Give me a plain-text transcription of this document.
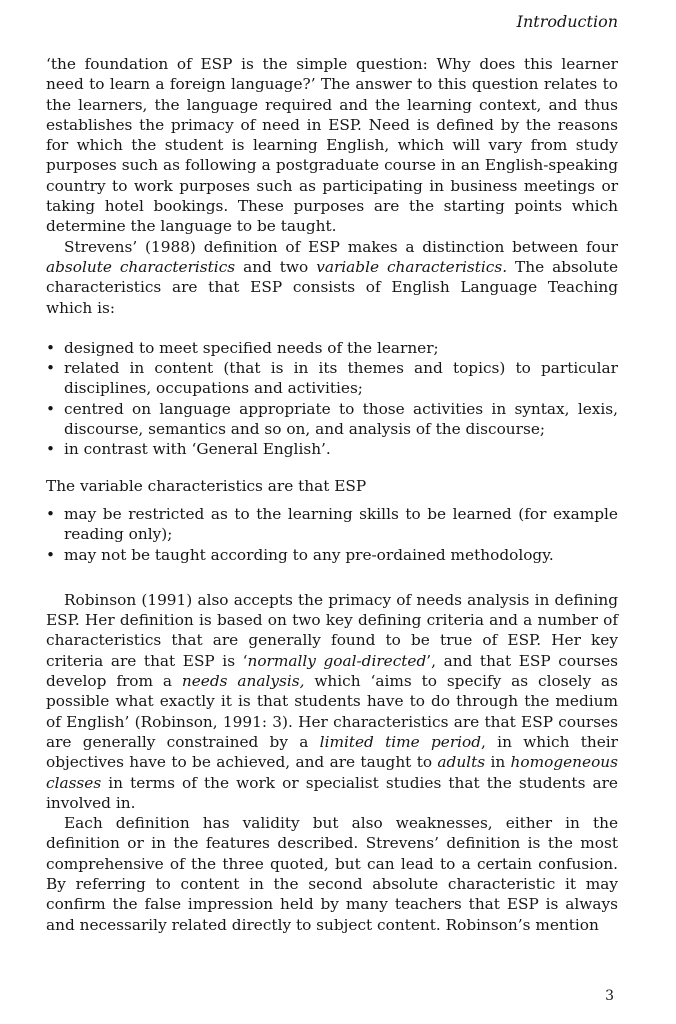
Introduction

‘the foundation of ESP is the simple question: Why does this learner need to learn a foreign language?’ The answer to this question relates to the learners, the language required and the learning context, and thus establishes the primacy of need in ESP. Need is defined by the reasons for which the student is learning English, which will vary from study purposes such as following a postgraduate course in an English-speaking country to work purposes such as participating in business meetings or taking hotel bookings. These purposes are the starting points which determine the language to be taught.

Strevens’ (1988) definition of ESP makes a distinction between four absolute characteristics and two variable characteristics. The absolute characteristics are that ESP consists of English Language Teaching which is:

• designed to meet specified needs of the learner;
• related in content (that is in its themes and topics) to particular disciplines, occupations and activities;
• centred on language appropriate to those activities in syntax, lexis, discourse, semantics and so on, and analysis of the discourse;
• in contrast with ‘General English’.

The variable characteristics are that ESP

• may be restricted as to the learning skills to be learned (for example reading only);
• may not be taught according to any pre-ordained methodology.

Robinson (1991) also accepts the primacy of needs analysis in defining ESP. Her definition is based on two key defining criteria and a number of characteristics that are generally found to be true of ESP. Her key criteria are that ESP is ‘normally goal-directed’, and that ESP courses develop from a needs analysis, which ‘aims to specify as closely as possible what exactly it is that students have to do through the medium of English’ (Robinson, 1991: 3). Her characteristics are that ESP courses are generally constrained by a limited time period, in which their objectives have to be achieved, and are taught to adults in homogeneous classes in terms of the work or specialist studies that the students are involved in.

Each definition has validity but also weaknesses, either in the definition or in the features described. Strevens’ definition is the most comprehensive of the three quoted, but can lead to a certain confusion. By referring to content in the second absolute characteristic it may confirm the false impression held by many teachers that ESP is always and necessarily related directly to subject content. Robinson’s mention

3
